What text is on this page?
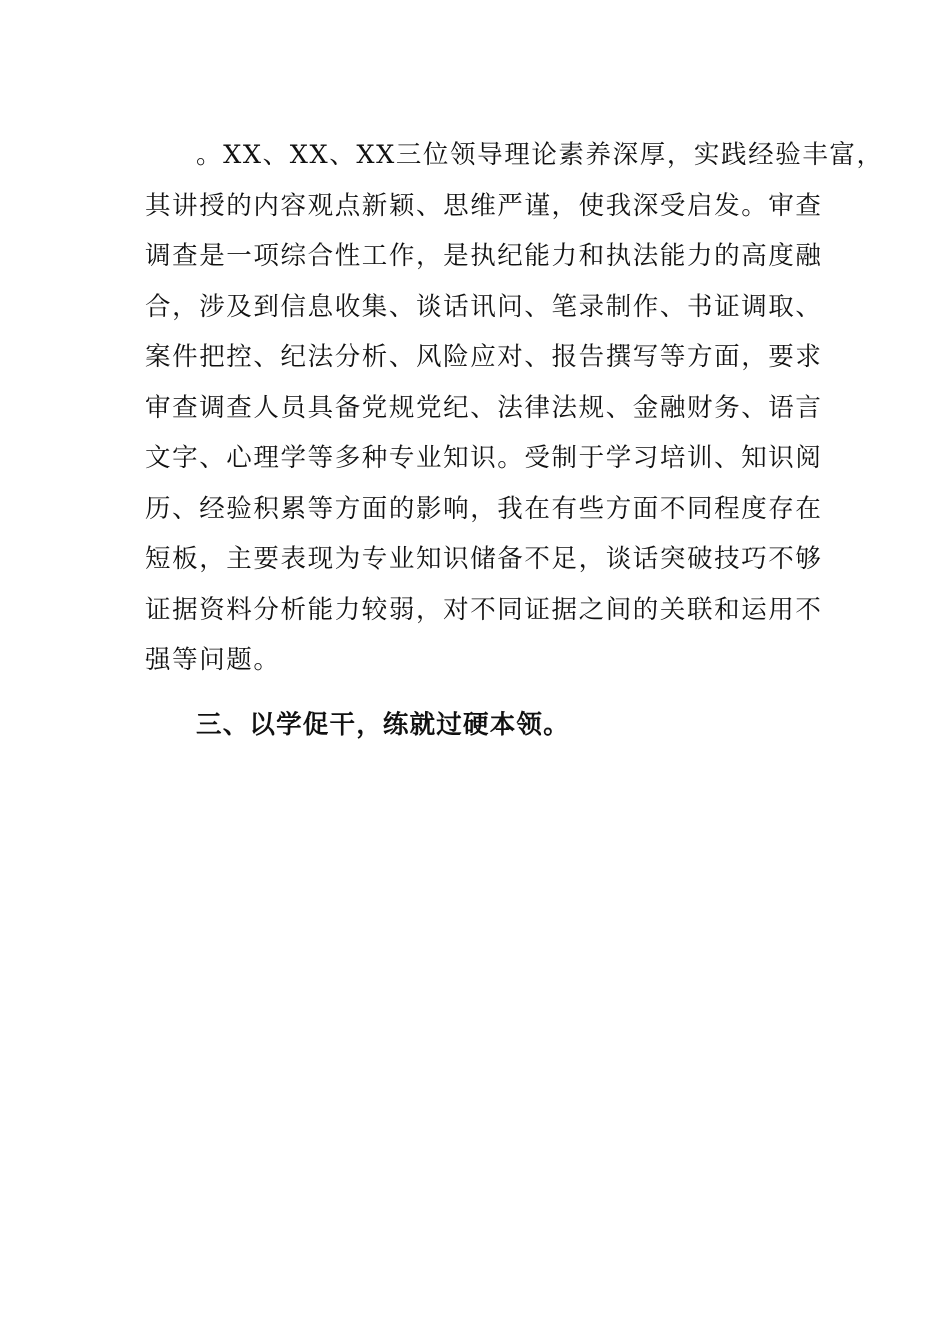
。XX、XX、XX三位领导理论素养深厚，实践经验丰富，
其讲授的内容观点新颖、思维严谨，使我深受启发。审查
调查是一项综合性工作，是执纪能力和执法能力的高度融
合，涉及到信息收集、谈话讯问、笔录制作、书证调取、
案件把控、纪法分析、风险应对、报告撰写等方面，要求
审查调查人员具备党规党纪、法律法规、金融财务、语言
文字、心理学等多种专业知识。受制于学习培训、知识阅
历、经验积累等方面的影响，我在有些方面不同程度存在
短板，主要表现为专业知识储备不足，谈话突破技巧不够
证据资料分析能力较弱，对不同证据之间的关联和运用不
强等问题。
三、以学促干，练就过硬本领。
